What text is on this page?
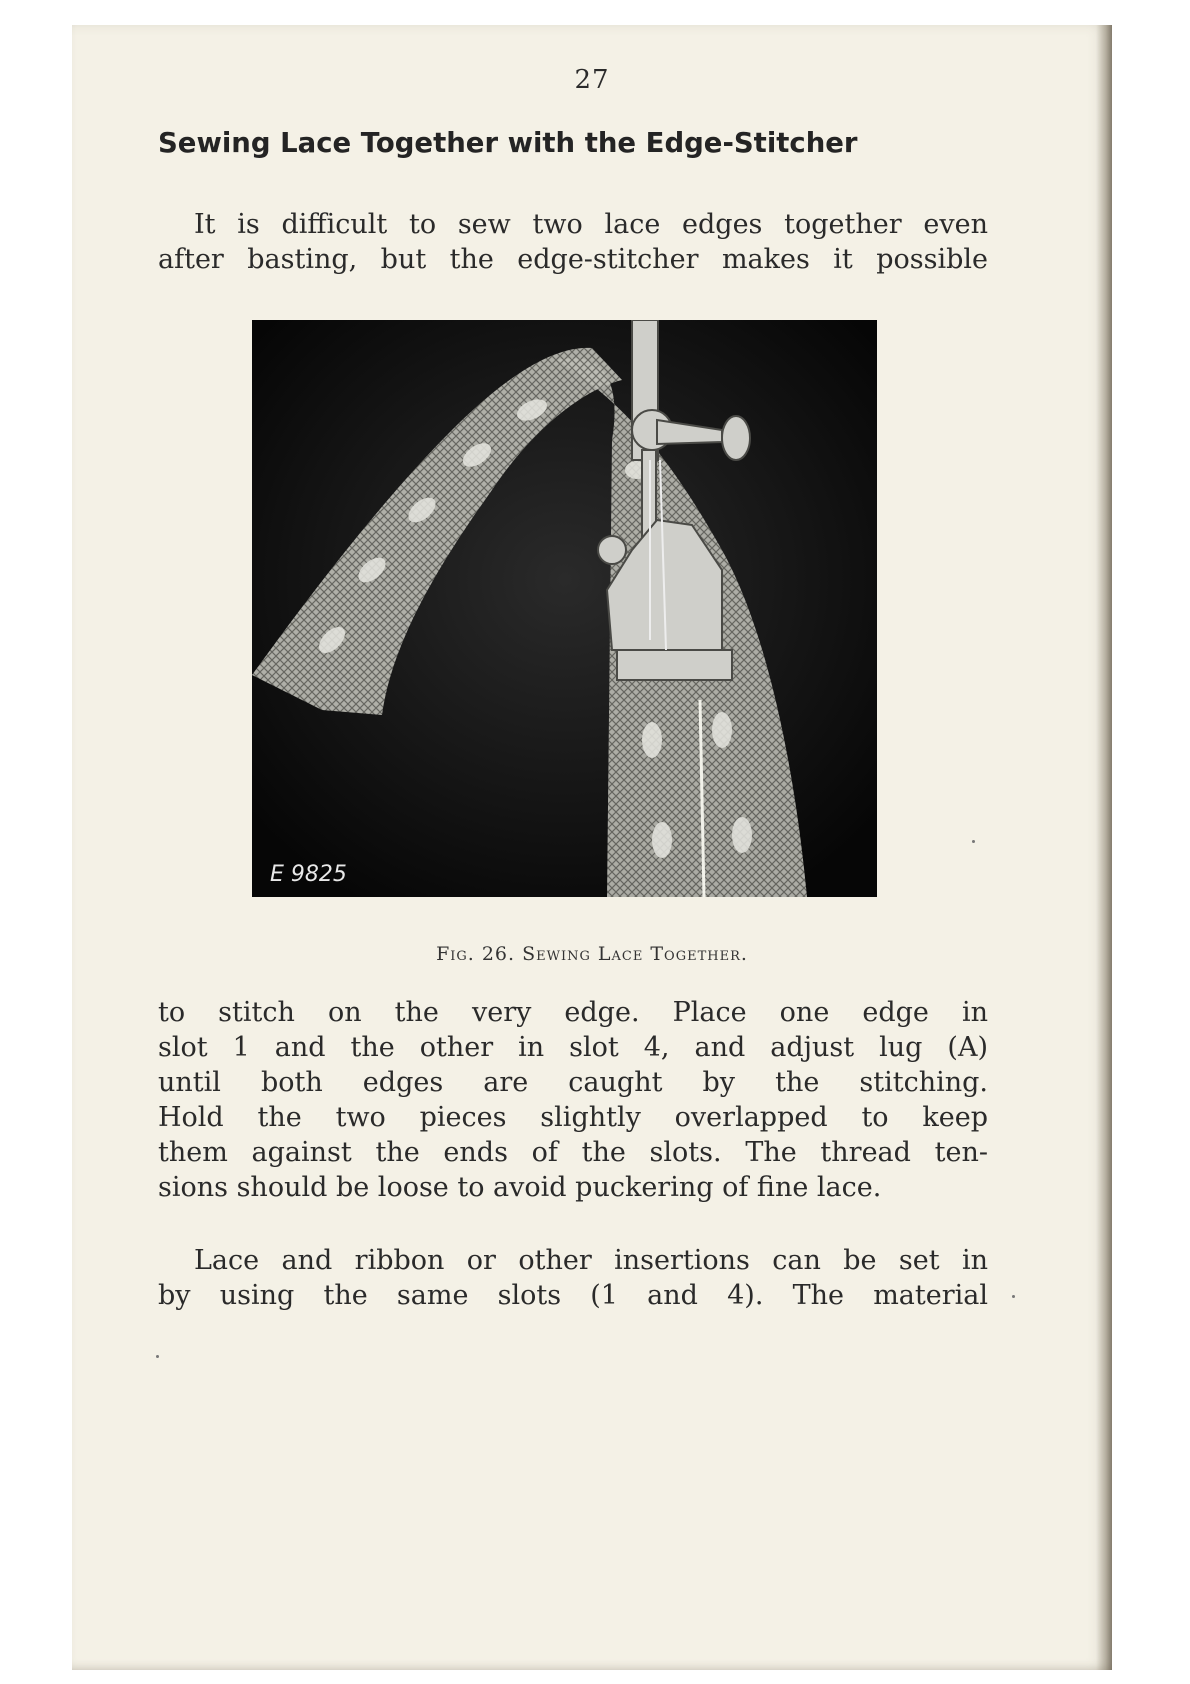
27
Sewing Lace Together with the Edge-Stitcher
It is difficult to sew two lace edges together even
after basting, but the edge-stitcher makes it possible
E 9825
Fig. 26. Sewing Lace Together.
to stitch on the very edge. Place one edge in
slot 1 and the other in slot 4, and adjust lug (A)
until both edges are caught by the stitching.
Hold the two pieces slightly overlapped to keep
them against the ends of the slots. The thread ten-
sions should be loose to avoid puckering of fine lace.
Lace and ribbon or other insertions can be set in
by using the same slots (1 and 4). The material
